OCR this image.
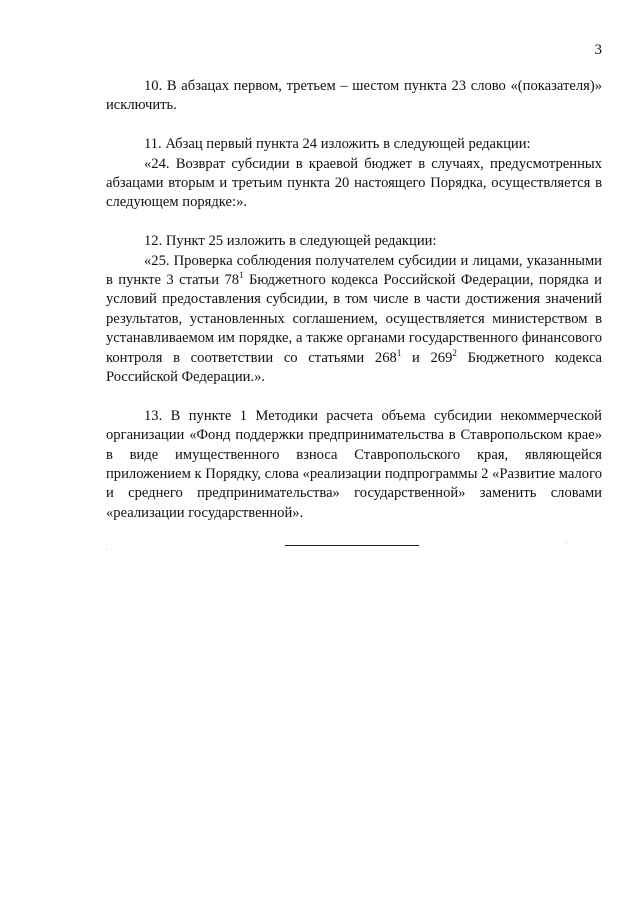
3

10. В абзацах первом, третьем – шестом пункта 23 слово «(показателя)» исключить.

11. Абзац первый пункта 24 изложить в следующей редакции:

«24. Возврат субсидии в краевой бюджет в случаях, предусмотренных абзацами вторым и третьим пункта 20 настоящего Порядка, осуществляется в следующем порядке:».

12. Пункт 25 изложить в следующей редакции:

«25. Проверка соблюдения получателем субсидии и лицами, указанными в пункте 3 статьи $78^1$ Бюджетного кодекса Российской Федерации, порядка и условий предоставления субсидии, в том числе в части достижения значений результатов, установленных соглашением, осуществляется министерством в устанавливаемом им порядке, а также органами государственного финансового контроля в соответствии со статьями $268^1$ и $269^2$ Бюджетного кодекса Российской Федерации.».

13. В пункте 1 Методики расчета объема субсидии некоммерческой организации «Фонд поддержки предпринимательства в Ставропольском крае» в виде имущественного взноса Ставропольского края, являющейся приложением к Порядку, слова «реализации подпрограммы 2 «Развитие малого и среднего предпринимательства» государственной» заменить словами «реализации государственной».
